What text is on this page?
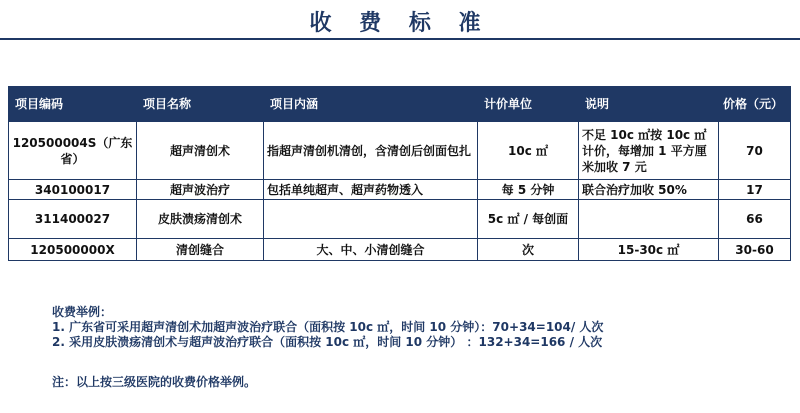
收 费 标 准
项目编码	项目名称	项目内涵	计价单位	说明	价格（元）
120500004S（广东省）	超声清创术	指超声清创机清创，含清创后创面包扎	10c ㎡	不足 10c ㎡按 10c ㎡计价，每增加 1 平方厘米加收 7 元	70
340100017	超声波治疗	包括单纯超声、超声药物透入	每 5 分钟	联合治疗加收 50%	17
311400027	皮肤溃疡清创术		5c ㎡ / 每创面		66
120500000X	清创缝合	大、中、小清创缝合	次	15-30c ㎡	30-60
收费举例：
1. 广东省可采用超声清创术加超声波治疗联合（面积按 10c ㎡，时间 10 分钟）：70+34=104/ 人次
2. 采用皮肤溃疡清创术与超声波治疗联合（面积按 10c ㎡，时间 10 分钟） ：132+34=166 / 人次
注：以上按三级医院的收费价格举例。
